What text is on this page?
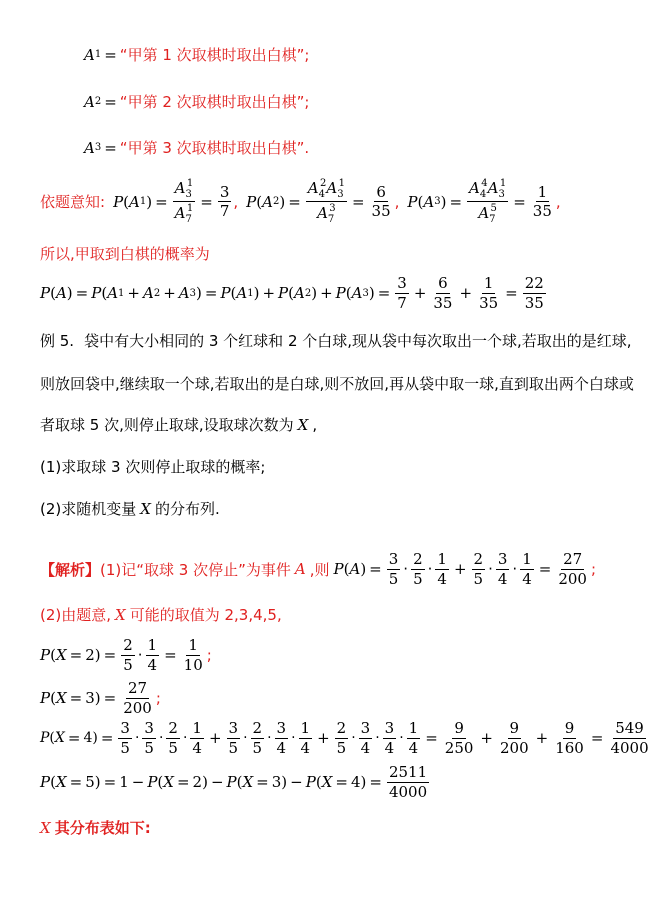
A 1 = “甲第 1 次取棋时取出白棋”;
A 2 = “甲第 2 次取棋时取出白棋”;
A 3 = “甲第 3 次取棋时取出白棋”.
依题意知: P ( A 1 ) = $\frac{A_3^1}{A_7^1} = \frac{3}{7}$ , P ( A 2 ) = $\frac{A_4^2A_3^1}{A_7^3} = \frac{6}{35}$ , P ( A 3 ) = $\frac{A_4^4A_3^1}{A_7^5} = \frac{1}{35}$ ,
所以,甲取到白棋的概率为
P ( A ) = P ( A 1 + A 2 + A 3 ) = P ( A 1 ) + P ( A 2 ) + P ( A 3 ) = $\frac{3}{7} + \frac{6}{35} + \frac{1}{35} = \frac{22}{35}$
例 5. 袋中有大小相同的 3 个红球和 2 个白球,现从袋中每次取出一个球,若取出的是红球,
则放回袋中,继续取一个球,若取出的是白球,则不放回,再从袋中取一球,直到取出两个白球或
者取球 5 次,则停止取球,设取球次数为 X ,
(1)求取球 3 次则停止取球的概率;
(2)求随机变量 X 的分布列.
【解析】 (1)记“取球 3 次停止”为事件 A ,则 P ( A ) = $\frac{3}{5} \cdot \frac{2}{5} \cdot \frac{1}{4} + \frac{2}{5} \cdot \frac{3}{4} \cdot \frac{1}{4} = \frac{27}{200}$ ;
(2)由题意, X 可能的取值为 2,3,4,5,
P ( X = 2 ) = $\frac{2}{5} \cdot \frac{1}{4} = \frac{1}{10}$ ;
P ( X = 3 ) = $\frac{27}{200}$ ;
P ( X = 4 ) = $\frac{3}{5} \cdot \frac{3}{5} \cdot \frac{2}{5} \cdot \frac{1}{4} + \frac{3}{5} \cdot \frac{2}{5} \cdot \frac{3}{4} \cdot \frac{1}{4} + \frac{2}{5} \cdot \frac{3}{4} \cdot \frac{3}{4} \cdot \frac{1}{4} = \frac{9}{250} + \frac{9}{200} + \frac{9}{160} = \frac{549}{4000}$
P ( X = 5 ) = 1 − P ( X = 2 ) − P ( X = 3 ) − P ( X = 4 ) = $\frac{2511}{4000}$
X 其分布表如下:
